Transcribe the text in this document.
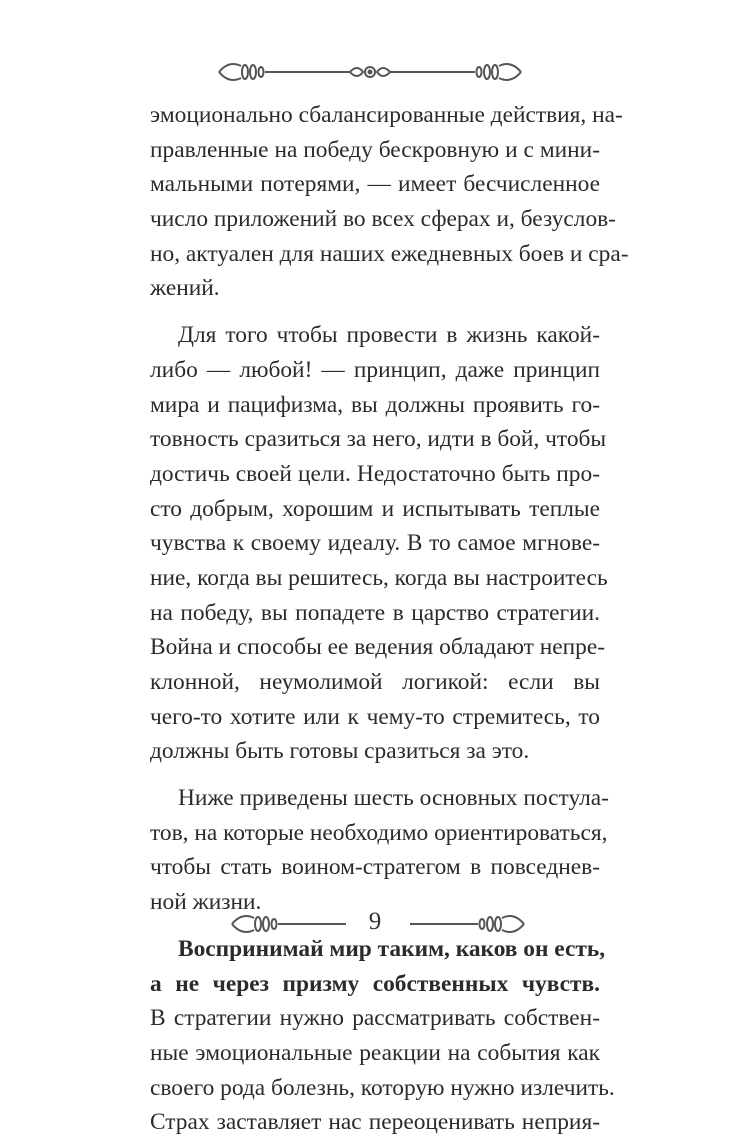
эмоционально сбалансированные действия, на-
правленные на победу бескровную и с мини-
мальными потерями, — имеет бесчисленное
число приложений во всех сферах и, безуслов-
но, актуален для наших ежедневных боев и сра-
жений.
Для того чтобы провести в жизнь какой-
либо — любой! — принцип, даже принцип
мира и пацифизма, вы должны проявить го-
товность сразиться за него, идти в бой, чтобы
достичь своей цели. Недостаточно быть про-
сто добрым, хорошим и испытывать теплые
чувства к своему идеалу. В то самое мгнове-
ние, когда вы решитесь, когда вы настроитесь
на победу, вы попадете в царство стратегии.
Война и способы ее ведения обладают непре-
клонной, неумолимой логикой: если вы
чего-то хотите или к чему-то стремитесь, то
должны быть готовы сразиться за это.
Ниже приведены шесть основных постула-
тов, на которые необходимо ориентироваться,
чтобы стать воином-стратегом в повседнев-
ной жизни.
Воспринимай мир таким, каков он есть,
а не через призму собственных чувств.
В стратегии нужно рассматривать собствен-
ные эмоциональные реакции на события как
своего рода болезнь, которую нужно излечить.
Страх заставляет нас переоценивать неприя-
9
